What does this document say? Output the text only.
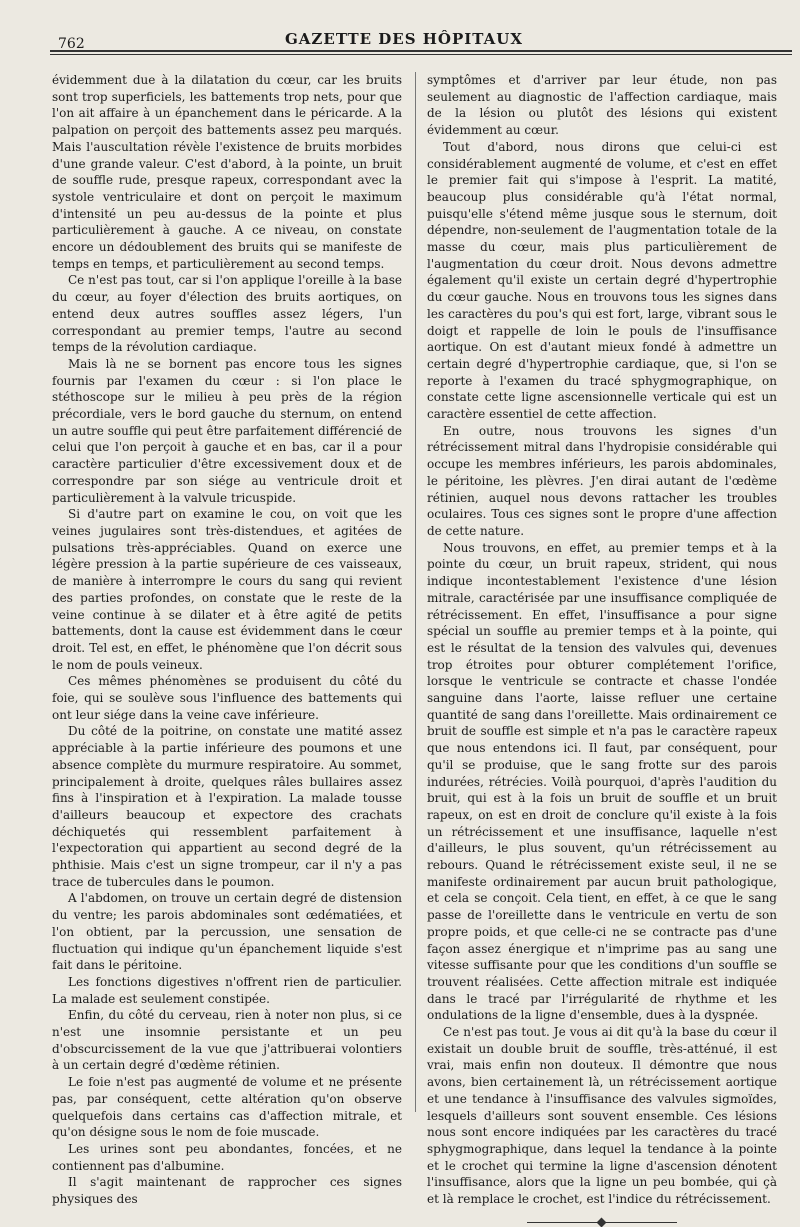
762	GAZETTE DES HÔPITAUX

évidemment due à la dilatation du cœur, car les bruits sont trop superficiels, les battements trop nets, pour que l'on ait affaire à un épanchement dans le péricarde. A la palpation on perçoit des battements assez peu marqués. Mais l'auscultation révèle l'existence de bruits morbides d'une grande valeur. C'est d'abord, à la pointe, un bruit de souffle rude, presque rapeux, correspondant avec la systole ventriculaire et dont on perçoit le maximum d'intensité un peu au-dessus de la pointe et plus particulièrement à gauche. A ce niveau, on constate encore un dédoublement des bruits qui se manifeste de temps en temps, et particulièrement au second temps.

Ce n'est pas tout, car si l'on applique l'oreille à la base du cœur, au foyer d'élection des bruits aortiques, on entend deux autres souffles assez légers, l'un correspondant au premier temps, l'autre au second temps de la révolution cardiaque.

Mais là ne se bornent pas encore tous les signes fournis par l'examen du cœur : si l'on place le stéthoscope sur le milieu à peu près de la région précordiale, vers le bord gauche du sternum, on entend un autre souffle qui peut être parfaitement différencié de celui que l'on perçoit à gauche et en bas, car il a pour caractère particulier d'être excessivement doux et de correspondre par son siége au ventricule droit et particulièrement à la valvule tricuspide.

Si d'autre part on examine le cou, on voit que les veines jugulaires sont très-distendues, et agitées de pulsations très-appréciables. Quand on exerce une légère pression à la partie supérieure de ces vaisseaux, de manière à interrompre le cours du sang qui revient des parties profondes, on constate que le reste de la veine continue à se dilater et à être agité de petits battements, dont la cause est évidemment dans le cœur droit. Tel est, en effet, le phénomène que l'on décrit sous le nom de pouls veineux.

Ces mêmes phénomènes se produisent du côté du foie, qui se soulève sous l'influence des battements qui ont leur siége dans la veine cave inférieure.

Du côté de la poitrine, on constate une matité assez appréciable à la partie inférieure des poumons et une absence complète du murmure respiratoire. Au sommet, principalement à droite, quelques râles bullaires assez fins à l'inspiration et à l'expiration. La malade tousse d'ailleurs beaucoup et expectore des crachats déchiquetés qui ressemblent parfaitement à l'expectoration qui appartient au second degré de la phthisie. Mais c'est un signe trompeur, car il n'y a pas trace de tubercules dans le poumon.

A l'abdomen, on trouve un certain degré de distension du ventre; les parois abdominales sont œdématiées, et l'on obtient, par la percussion, une sensation de fluctuation qui indique qu'un épanchement liquide s'est fait dans le péritoine.

Les fonctions digestives n'offrent rien de particulier. La malade est seulement constipée.

Enfin, du côté du cerveau, rien à noter non plus, si ce n'est une insomnie persistante et un peu d'obscurcissement de la vue que j'attribuerai volontiers à un certain degré d'œdème rétinien.

Le foie n'est pas augmenté de volume et ne présente pas, par conséquent, cette altération qu'on observe quelquefois dans certains cas d'affection mitrale, et qu'on désigne sous le nom de foie muscade.

Les urines sont peu abondantes, foncées, et ne contiennent pas d'albumine.

Il s'agit maintenant de rapprocher ces signes physiques des

symptômes et d'arriver par leur étude, non pas seulement au diagnostic de l'affection cardiaque, mais de la lésion ou plutôt des lésions qui existent évidemment au cœur.

Tout d'abord, nous dirons que celui-ci est considérablement augmenté de volume, et c'est en effet le premier fait qui s'impose à l'esprit. La matité, beaucoup plus considérable qu'à l'état normal, puisqu'elle s'étend même jusque sous le sternum, doit dépendre, non-seulement de l'augmentation totale de la masse du cœur, mais plus particulièrement de l'augmentation du cœur droit. Nous devons admettre également qu'il existe un certain degré d'hypertrophie du cœur gauche. Nous en trouvons tous les signes dans les caractères du pou's qui est fort, large, vibrant sous le doigt et rappelle de loin le pouls de l'insuffisance aortique. On est d'autant mieux fondé à admettre un certain degré d'hypertrophie cardiaque, que, si l'on se reporte à l'examen du tracé sphygmographique, on constate cette ligne ascensionnelle verticale qui est un caractère essentiel de cette affection.

En outre, nous trouvons les signes d'un rétrécissement mitral dans l'hydropisie considérable qui occupe les membres inférieurs, les parois abdominales, le péritoine, les plèvres. J'en dirai autant de l'œdème rétinien, auquel nous devons rattacher les troubles oculaires. Tous ces signes sont le propre d'une affection de cette nature.

Nous trouvons, en effet, au premier temps et à la pointe du cœur, un bruit rapeux, strident, qui nous indique incontestablement l'existence d'une lésion mitrale, caractérisée par une insuffisance compliquée de rétrécissement. En effet, l'insuffisance a pour signe spécial un souffle au premier temps et à la pointe, qui est le résultat de la tension des valvules qui, devenues trop étroites pour obturer complétement l'orifice, lorsque le ventricule se contracte et chasse l'ondée sanguine dans l'aorte, laisse refluer une certaine quantité de sang dans l'oreillette. Mais ordinairement ce bruit de souffle est simple et n'a pas le caractère rapeux que nous entendons ici. Il faut, par conséquent, pour qu'il se produise, que le sang frotte sur des parois indurées, rétrécies. Voilà pourquoi, d'après l'audition du bruit, qui est à la fois un bruit de souffle et un bruit rapeux, on est en droit de conclure qu'il existe à la fois un rétrécissement et une insuffisance, laquelle n'est d'ailleurs, le plus souvent, qu'un rétrécissement au rebours. Quand le rétrécissement existe seul, il ne se manifeste ordinairement par aucun bruit pathologique, et cela se conçoit. Cela tient, en effet, à ce que le sang passe de l'oreillette dans le ventricule en vertu de son propre poids, et que celle-ci ne se contracte pas d'une façon assez énergique et n'imprime pas au sang une vitesse suffisante pour que les conditions d'un souffle se trouvent réalisées. Cette affection mitrale est indiquée dans le tracé par l'irrégularité de rhythme et les ondulations de la ligne d'ensemble, dues à la dyspnée.

Ce n'est pas tout. Je vous ai dit qu'à la base du cœur il existait un double bruit de souffle, très-atténué, il est vrai, mais enfin non douteux. Il démontre que nous avons, bien certainement là, un rétrécissement aortique et une tendance à l'insuffisance des valvules sigmoïdes, lesquels d'ailleurs sont souvent ensemble. Ces lésions nous sont encore indiquées par les caractères du tracé sphygmographique, dans lequel la tendance à la pointe et le crochet qui termine la ligne d'ascension dénotent l'insuffisance, alors que la ligne un peu bombée, qui çà et là remplace le crochet, est l'indice du rétrécissement.
